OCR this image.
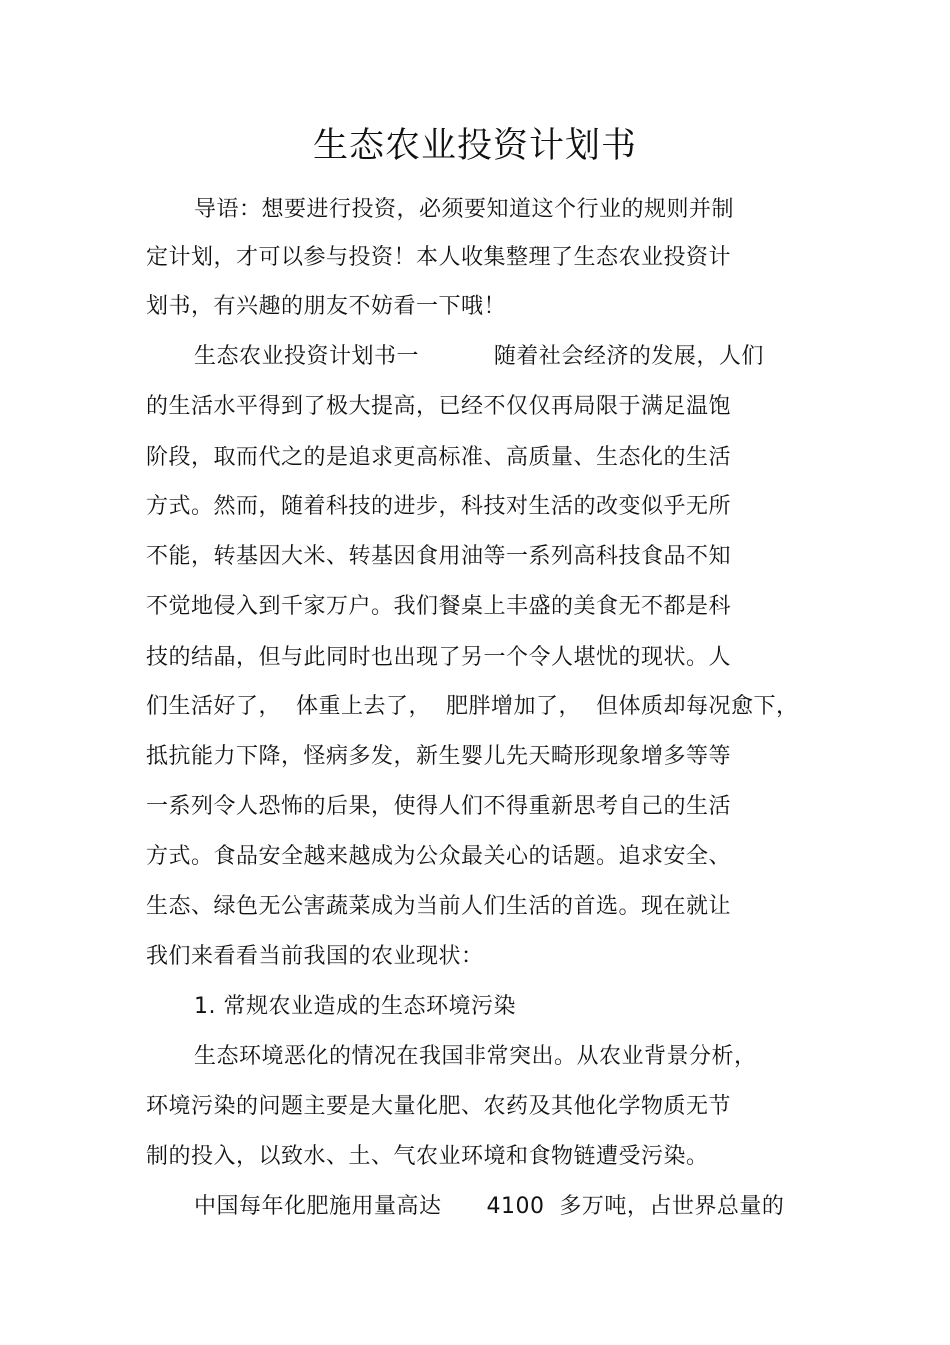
生态农业投资计划书
导语：想要进行投资，必须要知道这个行业的规则并制
定计划，才可以参与投资！本人收集整理了生态农业投资计
划书，有兴趣的朋友不妨看一下哦！
生态农业投资计划书一          随着社会经济的发展，人们
的生活水平得到了极大提高，已经不仅仅再局限于满足温饱
阶段，取而代之的是追求更高标准、高质量、生态化的生活
方式。然而，随着科技的进步，科技对生活的改变似乎无所
不能，转基因大米、转基因食用油等一系列高科技食品不知
不觉地侵入到千家万户。我们餐桌上丰盛的美食无不都是科
技的结晶，但与此同时也出现了另一个令人堪忧的现状。人
们生活好了，  体重上去了，  肥胖增加了，  但体质却每况愈下，
抵抗能力下降，怪病多发，新生婴儿先天畸形现象增多等等
一系列令人恐怖的后果，使得人们不得重新思考自己的生活
方式。食品安全越来越成为公众最关心的话题。追求安全、
生态、绿色无公害蔬菜成为当前人们生活的首选。现在就让
我们来看看当前我国的农业现状：
1. 常规农业造成的生态环境污染
生态环境恶化的情况在我国非常突出。从农业背景分析，
环境污染的问题主要是大量化肥、农药及其他化学物质无节
制的投入，以致水、土、气农业环境和食物链遭受污染。
中国每年化肥施用量高达      4100  多万吨，占世界总量的
